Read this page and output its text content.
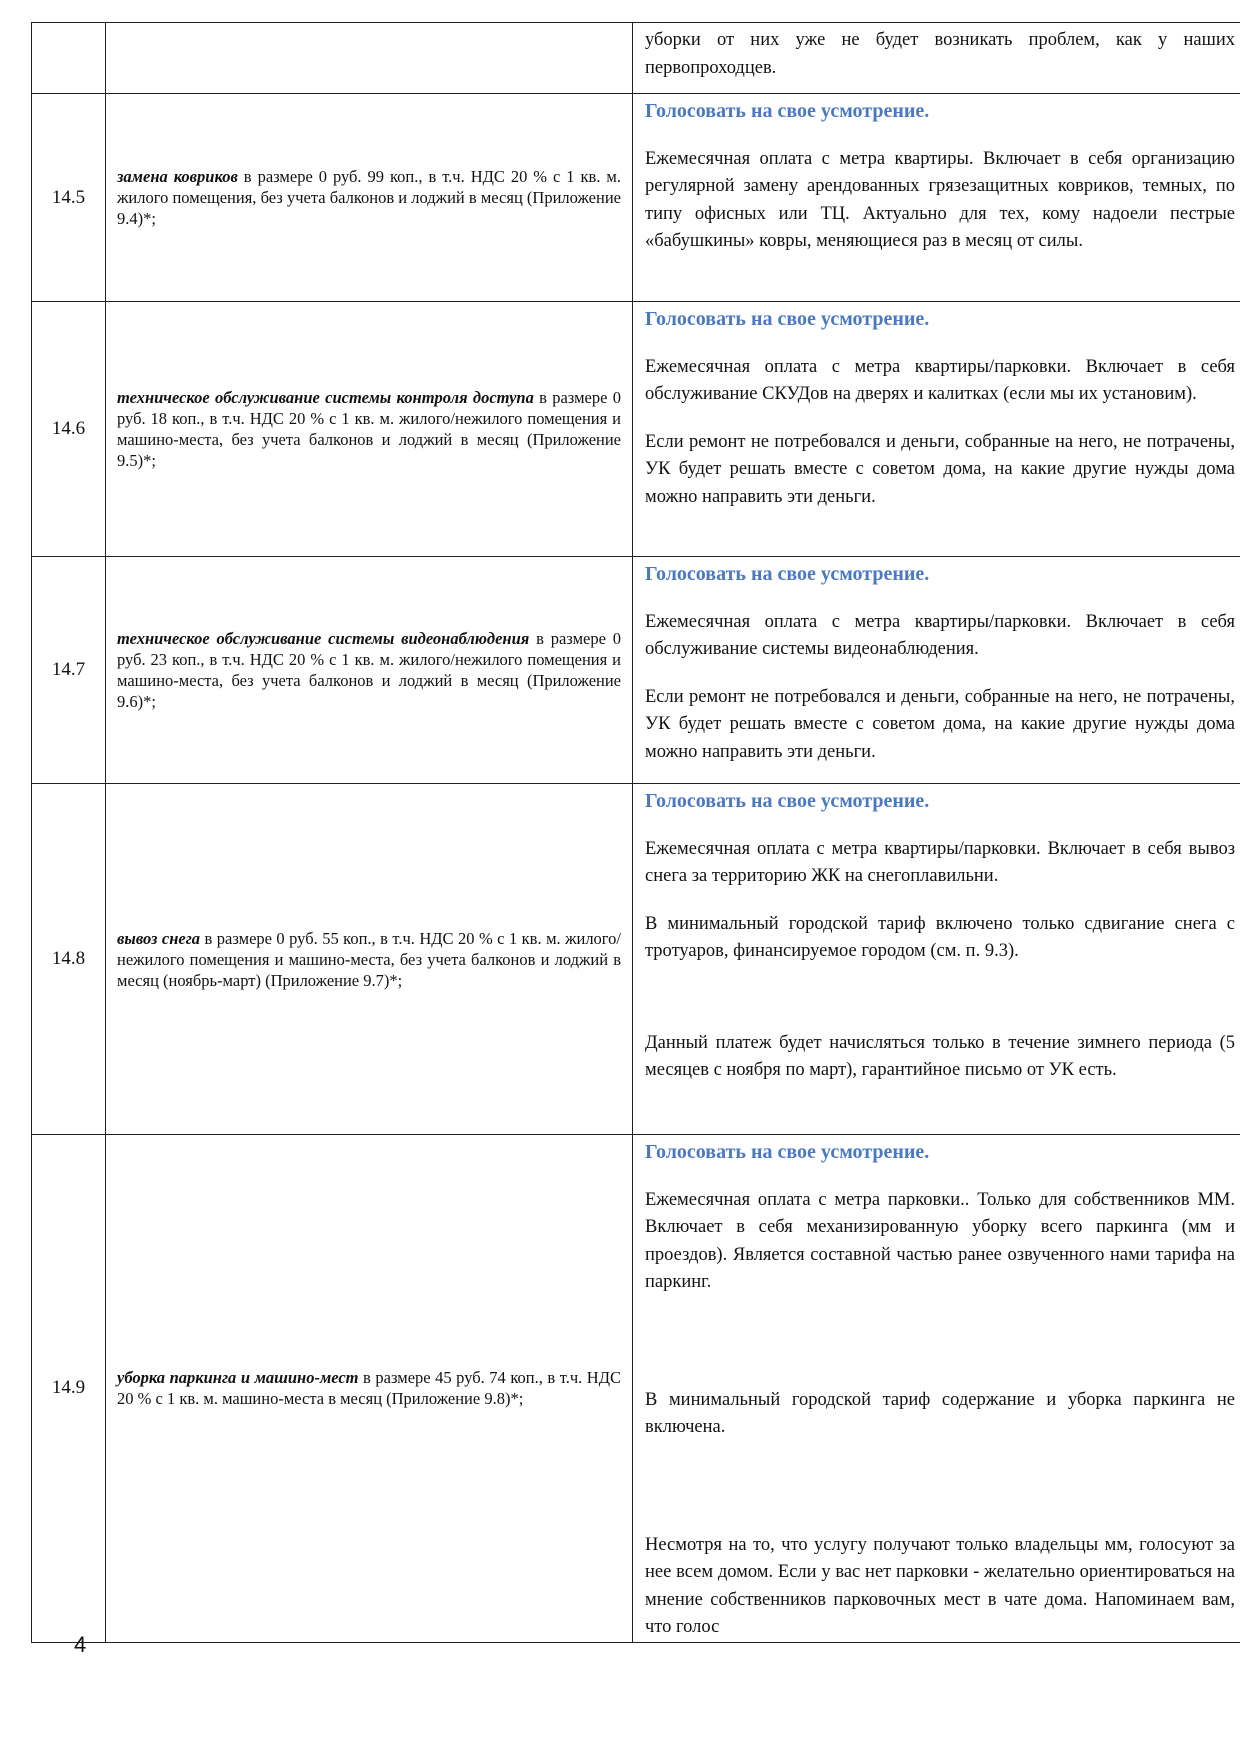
		уборки от них уже не будет возникать проблем, как у наших первопроходцев.

14.5	замена ковриков в размере 0 руб. 99 коп., в т.ч. НДС 20 % с 1 кв. м. жилого помещения, без учета балконов и лоджий в месяц (Приложение 9.4)*;	Голосовать на свое усмотрение.

Ежемесячная оплата с метра квартиры. Включает в себя организацию регулярной замену арендованных грязезащитных ковриков, темных, по типу офисных или ТЦ. Актуально для тех, кому надоели пестрые «бабушкины» ковры, меняющиеся раз в месяц от силы.

14.6	техническое обслуживание системы контроля доступа в размере 0 руб. 18 коп., в т.ч. НДС 20 % с 1 кв. м. жилого/нежилого помещения и машино-места, без учета балконов и лоджий в месяц (Приложение 9.5)*;	Голосовать на свое усмотрение.

Ежемесячная оплата с метра квартиры/парковки. Включает в себя обслуживание СКУДов на дверях и калитках (если мы их установим).

Если ремонт не потребовался и деньги, собранные на него, не потрачены, УК будет решать вместе с советом дома, на какие другие нужды дома можно направить эти деньги.

14.7	техническое обслуживание системы видеонаблюдения в размере 0 руб. 23 коп., в т.ч. НДС 20 % с 1 кв. м. жилого/нежилого помещения и машино-места, без учета балконов и лоджий в месяц (Приложение 9.6)*;	Голосовать на свое усмотрение.

Ежемесячная оплата с метра квартиры/парковки. Включает в себя обслуживание системы видеонаблюдения.

Если ремонт не потребовался и деньги, собранные на него, не потрачены, УК будет решать вместе с советом дома, на какие другие нужды дома можно направить эти деньги.

14.8	вывоз снега в размере 0 руб. 55 коп., в т.ч. НДС 20 % с 1 кв. м. жилого/нежилого помещения и машино-места, без учета балконов и лоджий в месяц (ноябрь-март) (Приложение 9.7)*;	Голосовать на свое усмотрение.

Ежемесячная оплата с метра квартиры/парковки. Включает в себя вывоз снега за территорию ЖК на снегоплавильни.

В минимальный городской тариф включено только сдвигание снега с тротуаров, финансируемое городом (см. п. 9.3).

Данный платеж будет начисляться только в течение зимнего периода (5 месяцев с ноября по март), гарантийное письмо от УК есть.

14.9	уборка паркинга и машино-мест в размере 45 руб. 74 коп., в т.ч. НДС 20 % с 1 кв. м. машино-места в месяц (Приложение 9.8)*;	Голосовать на свое усмотрение.

Ежемесячная оплата с метра парковки.. Только для собственников ММ. Включает в себя механизированную уборку всего паркинга (мм и проездов). Является составной частью ранее озвученного нами тарифа на паркинг.

В минимальный городской тариф содержание и уборка паркинга не включена.

Несмотря на то, что услугу получают только владельцы мм, голосуют за нее всем домом. Если у вас нет парковки - желательно ориентироваться на мнение собственников парковочных мест в чате дома. Напоминаем вам, что голос

4
